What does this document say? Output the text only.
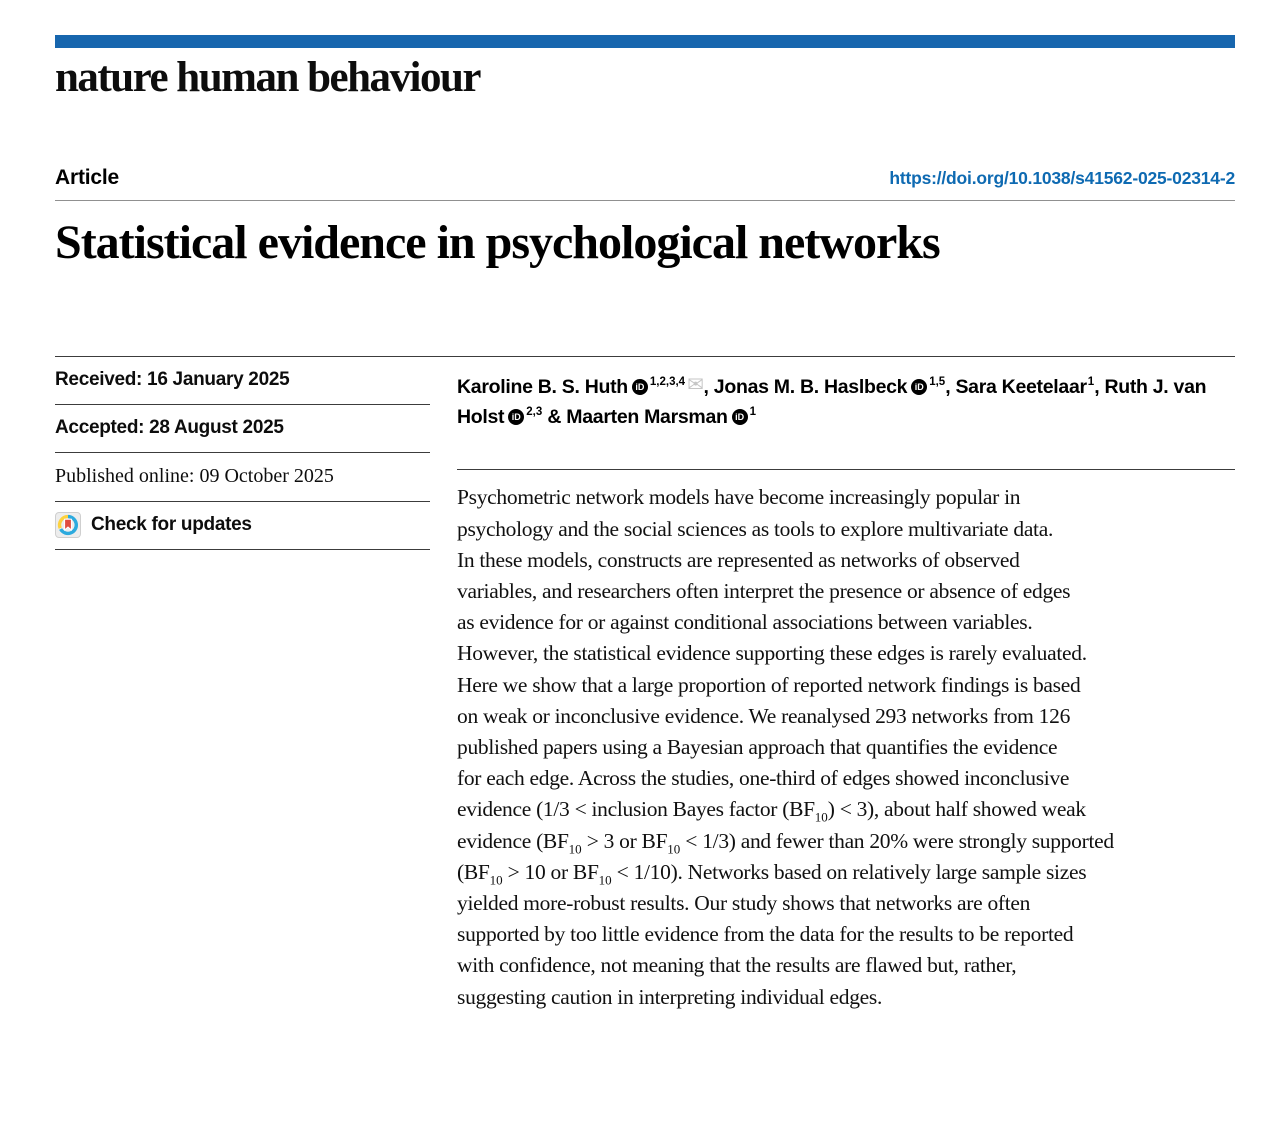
nature human behaviour
Article	https://doi.org/10.1038/s41562-025-02314-2
Statistical evidence in psychological networks
Received: 16 January 2025
Accepted: 28 August 2025
Published online: 09 October 2025
Check for updates
Karoline B. S. Huth iD $^{1,2,3,4}$ ✉, Jonas M. B. Haslbeck iD $^{1,5}$, Sara Keetelaar$^1$, Ruth J. van Holst iD $^{2,3}$ & Maarten Marsman iD $^1$
Psychometric network models have become increasingly popular in
psychology and the social sciences as tools to explore multivariate data.
In these models, constructs are represented as networks of observed
variables, and researchers often interpret the presence or absence of edges
as evidence for or against conditional associations between variables.
However, the statistical evidence supporting these edges is rarely evaluated.
Here we show that a large proportion of reported network findings is based
on weak or inconclusive evidence. We reanalysed 293 networks from 126
published papers using a Bayesian approach that quantifies the evidence
for each edge. Across the studies, one-third of edges showed inconclusive
evidence (1/3 < inclusion Bayes factor $(BF_{10}) < 3$), about half showed weak
evidence ($BF_{10} > 3$ or $BF_{10} < 1/3$) and fewer than 20% were strongly supported
($BF_{10} > 10$ or $BF_{10} < 1/10$). Networks based on relatively large sample sizes
yielded more-robust results. Our study shows that networks are often
supported by too little evidence from the data for the results to be reported
with confidence, not meaning that the results are flawed but, rather,
suggesting caution in interpreting individual edges.
